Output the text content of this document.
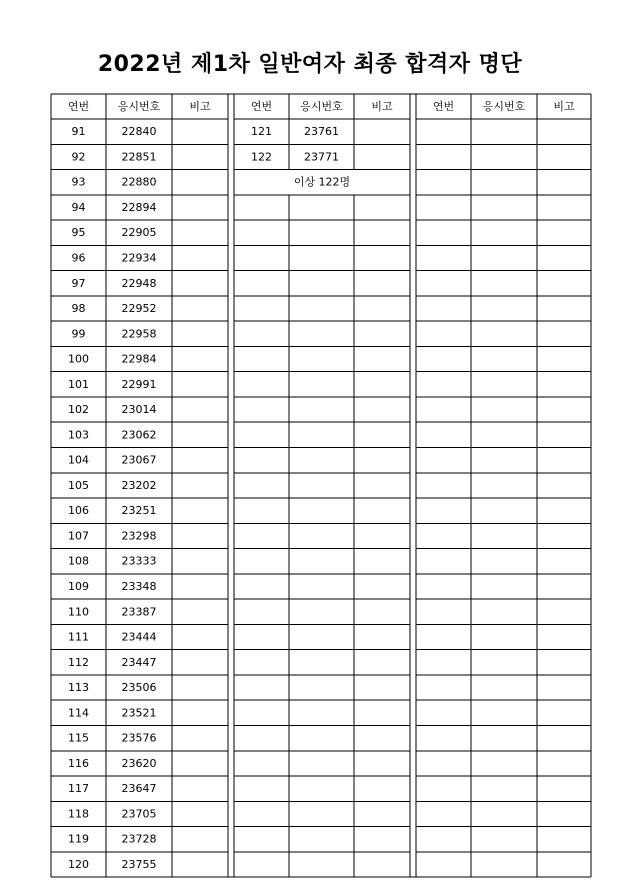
2022년 제1차 일반여자 최종 합격자 명단
연번	응시번호	비고
91	22840
92	22851
93	22880
94	22894
95	22905
96	22934
97	22948
98	22952
99	22958
100	22984
101	22991
102	23014
103	23062
104	23067
105	23202
106	23251
107	23298
108	23333
109	23348
110	23387
111	23444
112	23447
113	23506
114	23521
115	23576
116	23620
117	23647
118	23705
119	23728
120	23755
연번	응시번호	비고
121	23761
122	23771
이상 122명
연번	응시번호	비고
